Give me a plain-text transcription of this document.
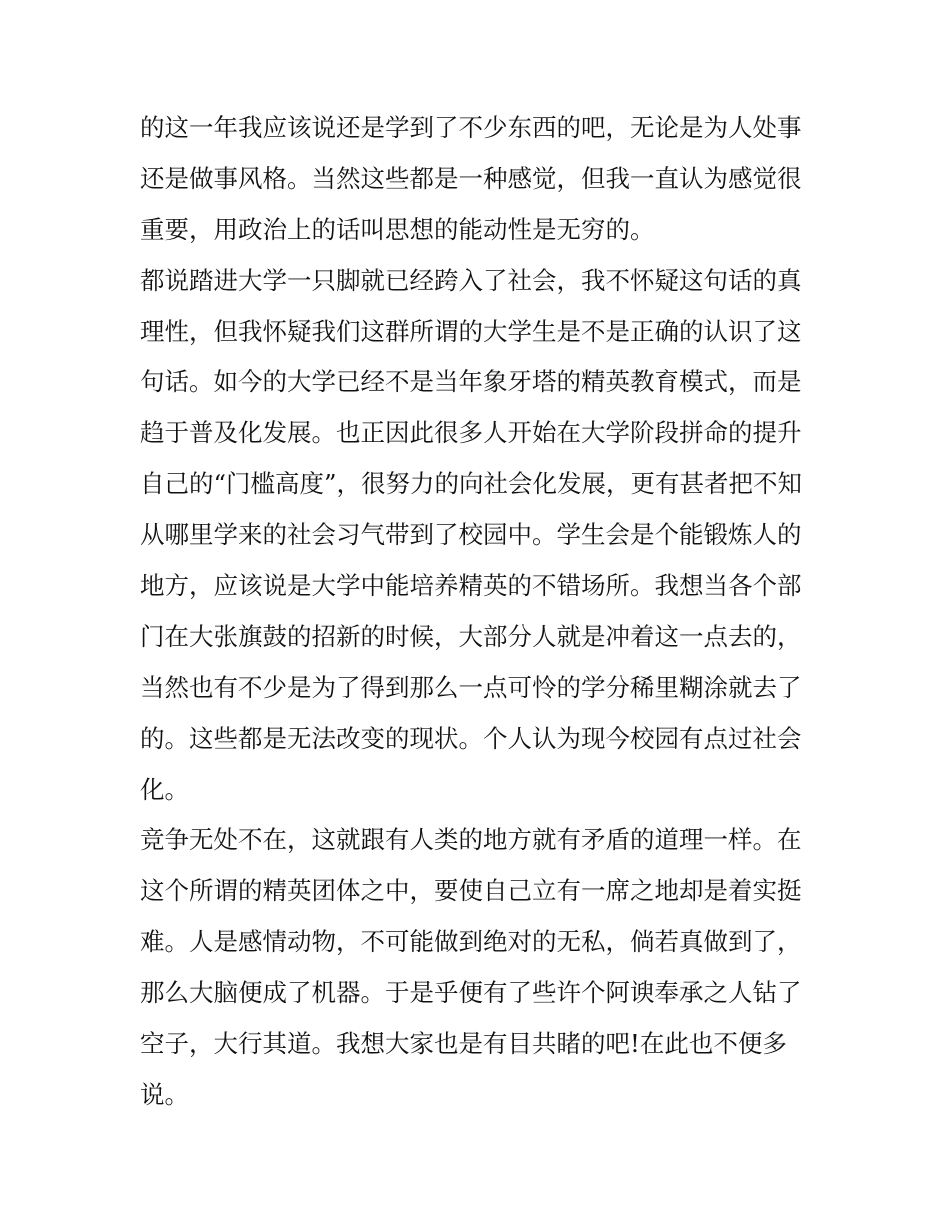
的这一年我应该说还是学到了不少东西的吧，无论是为人处事
还是做事风格。当然这些都是一种感觉，但我一直认为感觉很
重要，用政治上的话叫思想的能动性是无穷的。
都说踏进大学一只脚就已经跨入了社会，我不怀疑这句话的真
理性，但我怀疑我们这群所谓的大学生是不是正确的认识了这
句话。如今的大学已经不是当年象牙塔的精英教育模式，而是
趋于普及化发展。也正因此很多人开始在大学阶段拼命的提升
自己的“门槛高度”，很努力的向社会化发展，更有甚者把不知
从哪里学来的社会习气带到了校园中。学生会是个能锻炼人的
地方，应该说是大学中能培养精英的不错场所。我想当各个部
门在大张旗鼓的招新的时候，大部分人就是冲着这一点去的，
当然也有不少是为了得到那么一点可怜的学分稀里糊涂就去了
的。这些都是无法改变的现状。个人认为现今校园有点过社会
化。
竞争无处不在，这就跟有人类的地方就有矛盾的道理一样。在
这个所谓的精英团体之中，要使自己立有一席之地却是着实挺
难。人是感情动物，不可能做到绝对的无私，倘若真做到了，
那么大脑便成了机器。于是乎便有了些许个阿谀奉承之人钻了
空子，大行其道。我想大家也是有目共睹的吧!在此也不便多
说。
